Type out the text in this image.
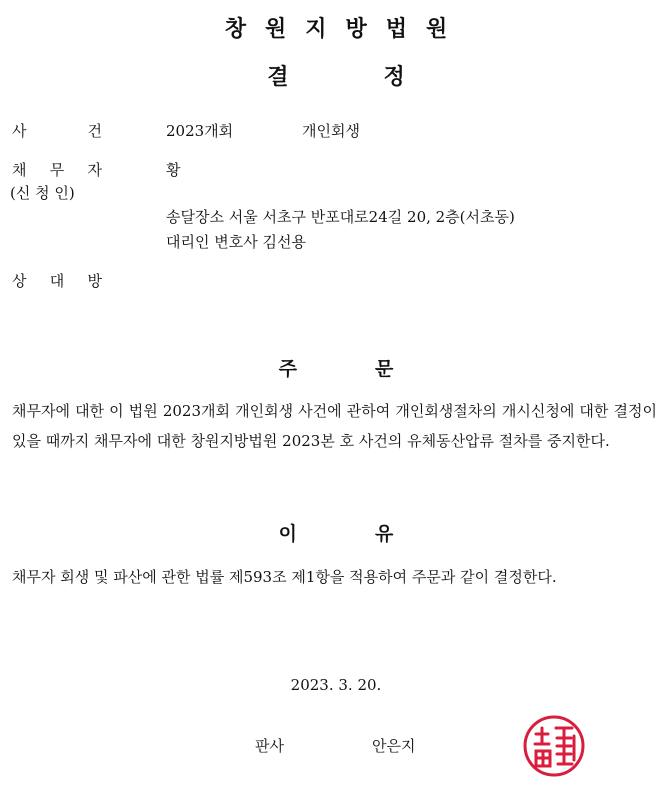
창원지방법원
결	정
사	건	2023개회	개인회생
채 무 자	황
(신 청 인)
송달장소 서울 서초구 반포대로24길 20, 2층(서초동)
대리인 변호사 김선용
상 대 방
주	문
채무자에 대한 이 법원 2023개회 개인회생 사건에 관하여 개인회생절차의 개시신청에 대한 결정이 있을 때까지 채무자에 대한 창원지방법원 2023본 호 사건의 유체동산압류 절차를 중지한다.
이	유
채무자 회생 및 파산에 관한 법률 제593조 제1항을 적용하여 주문과 같이 결정한다.
2023. 3. 20.
판사	안은지
